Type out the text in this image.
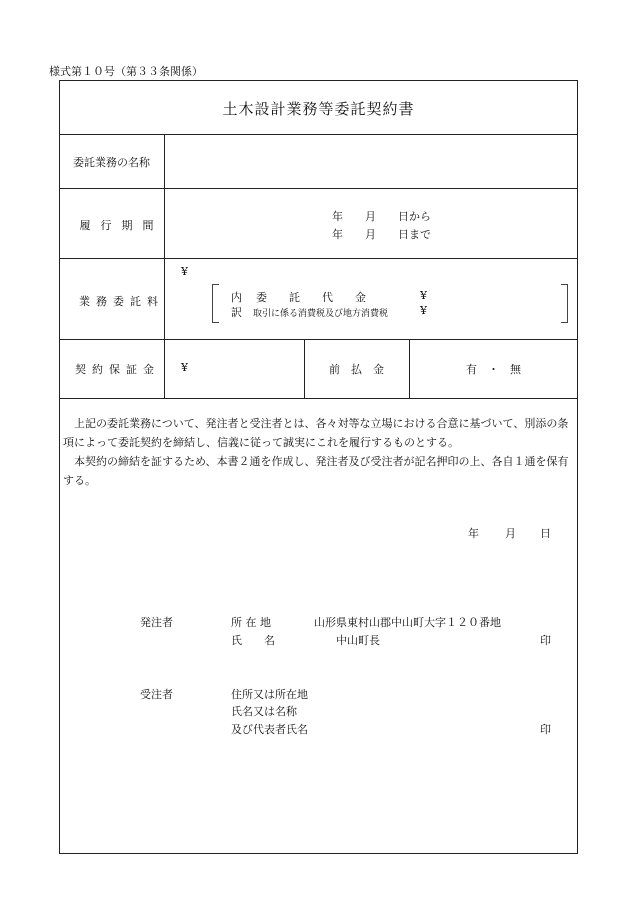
様式第１０号（第３３条関係）
土木設計業務等委託契約書
委託業務の名称
履行期間
年　　月　　日から
年　　月　　日まで
業務委託料
¥
内
訳
委　　託　　代　　金	¥
取引に係る消費税及び地方消費税	¥
契約保証金	¥	前　払　金	有　・　無
上記の委託業務について、発注者と受注者とは、各々対等な立場における合意に基づいて、別添の条項によって委託契約を締結し、信義に従って誠実にこれを履行するものとする。
本契約の締結を証するため、本書２通を作成し、発注者及び受注者が記名押印の上、各自１通を保有する。
年 月 日
発注者	所 在 地	山形県東村山郡中山町大字１２０番地
氏　　名	中山町長	印
受注者	住所又は所在地
氏名又は名称
及び代表者氏名	印
